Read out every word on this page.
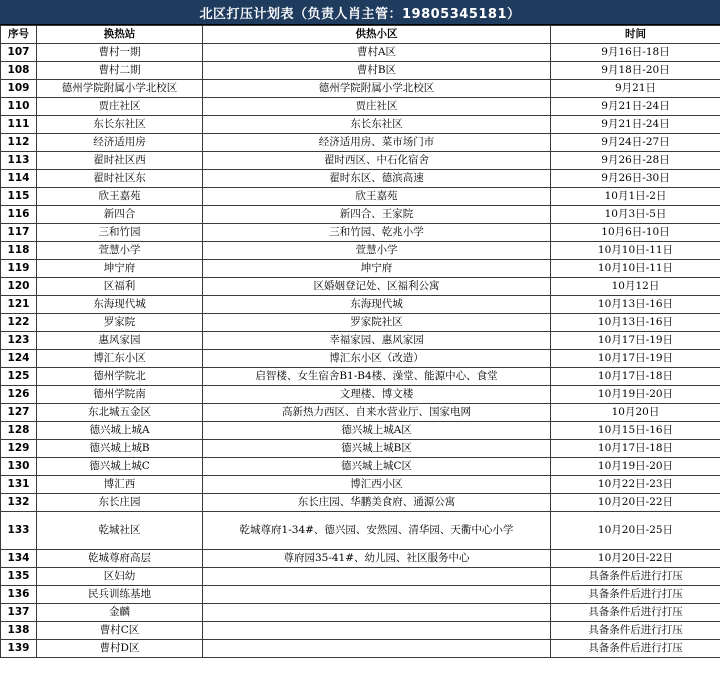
北区打压计划表（负责人肖主管：19805345181）
序号	换热站	供热小区	时间
107	曹村一期	曹村A区	9月16日-18日
108	曹村二期	曹村B区	9月18日-20日
109	德州学院附属小学北校区	德州学院附属小学北校区	9月21日
110	贾庄社区	贾庄社区	9月21日-24日
111	东长东社区	东长东社区	9月21日-24日
112	经济适用房	经济适用房、菜市场门市	9月24日-27日
113	翟时社区西	翟时西区、中石化宿舍	9月26日-28日
114	翟时社区东	翟时东区、德滨高速	9月26日-30日
115	欣王嘉苑	欣王嘉苑	10月1日-2日
116	新四合	新四合、王家院	10月3日-5日
117	三和竹园	三和竹园、乾兆小学	10月6日-10日
118	萱慧小学	萱慧小学	10月10日-11日
119	坤宁府	坤宁府	10月10日-11日
120	区福利	区婚姻登记处、区福利公寓	10月12日
121	东海现代城	东海现代城	10月13日-16日
122	罗家院	罗家院社区	10月13日-16日
123	惠风家园	幸福家园、惠风家园	10月17日-19日
124	博汇东小区	博汇东小区（改造）	10月17日-19日
125	德州学院北	启智楼、女生宿舍B1-B4楼、澡堂、能源中心、食堂	10月17日-18日
126	德州学院南	文理楼、博文楼	10月19日-20日
127	东北城五金区	高新热力西区、自来水营业厅、国家电网	10月20日
128	德兴城上城A	德兴城上城A区	10月15日-16日
129	德兴城上城B	德兴城上城B区	10月17日-18日
130	德兴城上城C	德兴城上城C区	10月19日-20日
131	博汇西	博汇西小区	10月22日-23日
132	东长庄园	东长庄园、华鹏美食府、通源公寓	10月20日-22日
133	乾城社区	乾城尊府1-34#、德兴园、安然园、清华园、天衢中心小学	10月20日-25日
134	乾城尊府高层	尊府园35-41#、幼儿园、社区服务中心	10月20日-22日
135	区妇幼		具备条件后进行打压
136	民兵训练基地		具备条件后进行打压
137	金麟		具备条件后进行打压
138	曹村C区		具备条件后进行打压
139	曹村D区		具备条件后进行打压
